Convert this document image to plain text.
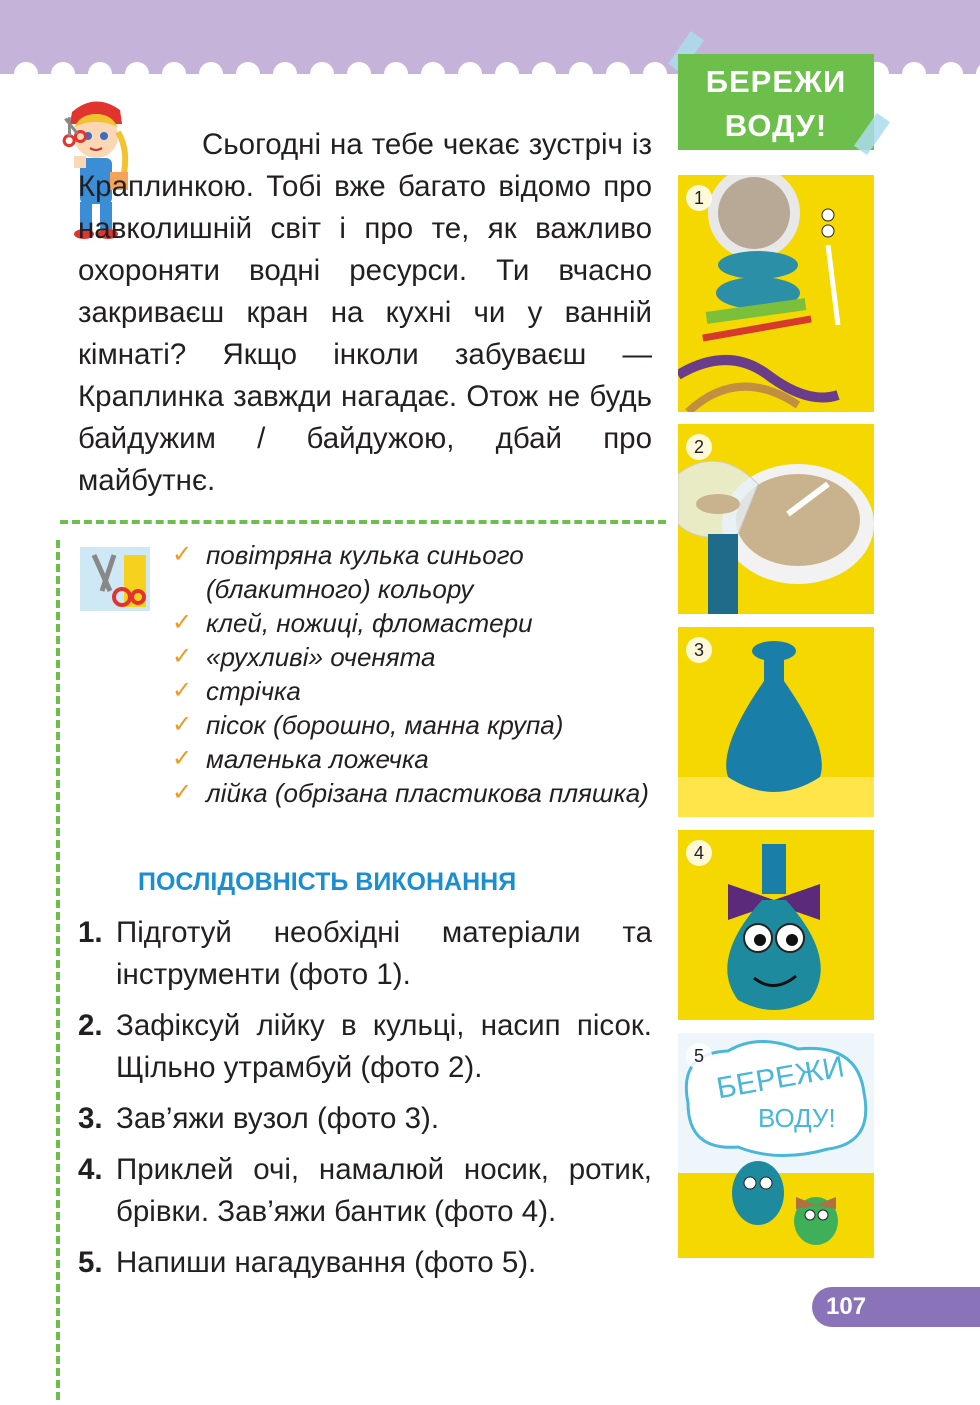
БЕРЕЖИ
ВОДУ!

Сьогодні на тебе чекає зустріч із Краплинкою. Тобі вже багато відомо про навколишній світ і про те, як важливо охороняти водні ресурси. Ти вчасно закриваєш кран на кухні чи у ванній кімнаті? Якщо інколи забуваєш — Краплинка завжди нагадає. Отож не будь байдужим / байдужою, дбай про майбутнє.

✓ повітряна кулька синього (блакитного) кольору
✓ клей, ножиці, фломастери
✓ «рухливі» оченята
✓ стрічка
✓ пісок (борошно, манна крупа)
✓ маленька ложечка
✓ лійка (обрізана пластикова пляшка)
ПОСЛІДОВНІСТЬ ВИКОНАННЯ
1. Підготуй необхідні матеріали та інструменти (фото 1).
2. Зафіксуй лійку в кульці, насип пісок. Щільно утрамбуй (фото 2).
3. Зав’яжи вузол (фото 3).
4. Приклей очі, намалюй носик, ротик, брівки. Зав’яжи бантик (фото 4).
5. Напиши нагадування (фото 5).
1
2
3
4
БЕРЕЖИ
ВОДУ!
5
107
